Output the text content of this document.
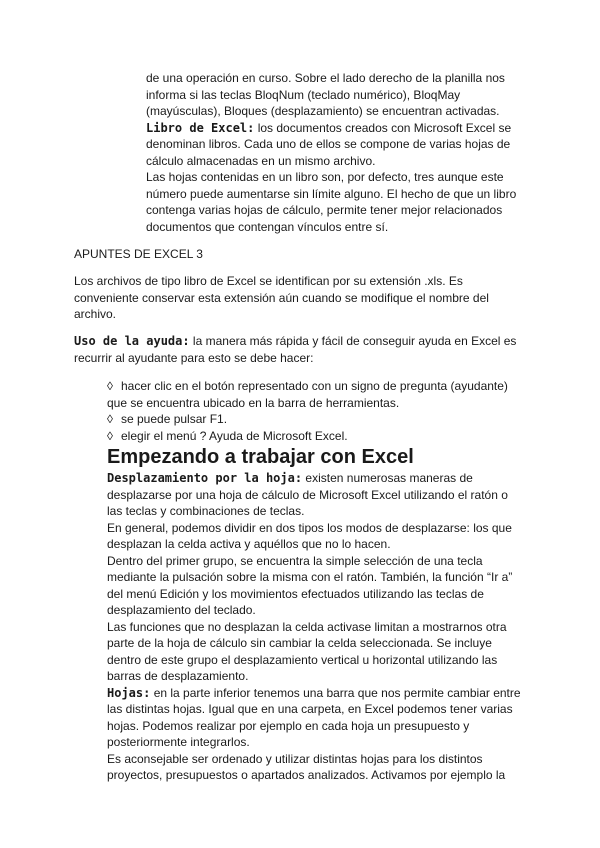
de una operación en curso. Sobre el lado derecho de la planilla nos
informa si las teclas BloqNum (teclado numérico), BloqMay
(mayúsculas), Bloques (desplazamiento) se encuentran activadas.
Libro de Excel: los documentos creados con Microsoft Excel se
denominan libros. Cada uno de ellos se compone de varias hojas de
cálculo almacenadas en un mismo archivo.
Las hojas contenidas en un libro son, por defecto, tres aunque este
número puede aumentarse sin límite alguno. El hecho de que un libro
contenga varias hojas de cálculo, permite tener mejor relacionados
documentos que contengan vínculos entre sí.
APUNTES DE EXCEL 3
Los archivos de tipo libro de Excel se identifican por su extensión .xls. Es
conveniente conservar esta extensión aún cuando se modifique el nombre del
archivo.
Uso de la ayuda: la manera más rápida y fácil de conseguir ayuda en Excel es
recurrir al ayudante para esto se debe hacer:
◊ hacer clic en el botón representado con un signo de pregunta (ayudante)
que se encuentra ubicado en la barra de herramientas.
◊ se puede pulsar F1.
◊ elegir el menú ? Ayuda de Microsoft Excel.
Empezando a trabajar con Excel
Desplazamiento por la hoja: existen numerosas maneras de
desplazarse por una hoja de cálculo de Microsoft Excel utilizando el ratón o
las teclas y combinaciones de teclas.
En general, podemos dividir en dos tipos los modos de desplazarse: los que
desplazan la celda activa y aquéllos que no lo hacen.
Dentro del primer grupo, se encuentra la simple selección de una tecla
mediante la pulsación sobre la misma con el ratón. También, la función “Ir a”
del menú Edición y los movimientos efectuados utilizando las teclas de
desplazamiento del teclado.
Las funciones que no desplazan la celda activase limitan a mostrarnos otra
parte de la hoja de cálculo sin cambiar la celda seleccionada. Se incluye
dentro de este grupo el desplazamiento vertical u horizontal utilizando las
barras de desplazamiento.
Hojas: en la parte inferior tenemos una barra que nos permite cambiar entre
las distintas hojas. Igual que en una carpeta, en Excel podemos tener varias
hojas. Podemos realizar por ejemplo en cada hoja un presupuesto y
posteriormente integrarlos.
Es aconsejable ser ordenado y utilizar distintas hojas para los distintos
proyectos, presupuestos o apartados analizados. Activamos por ejemplo la
